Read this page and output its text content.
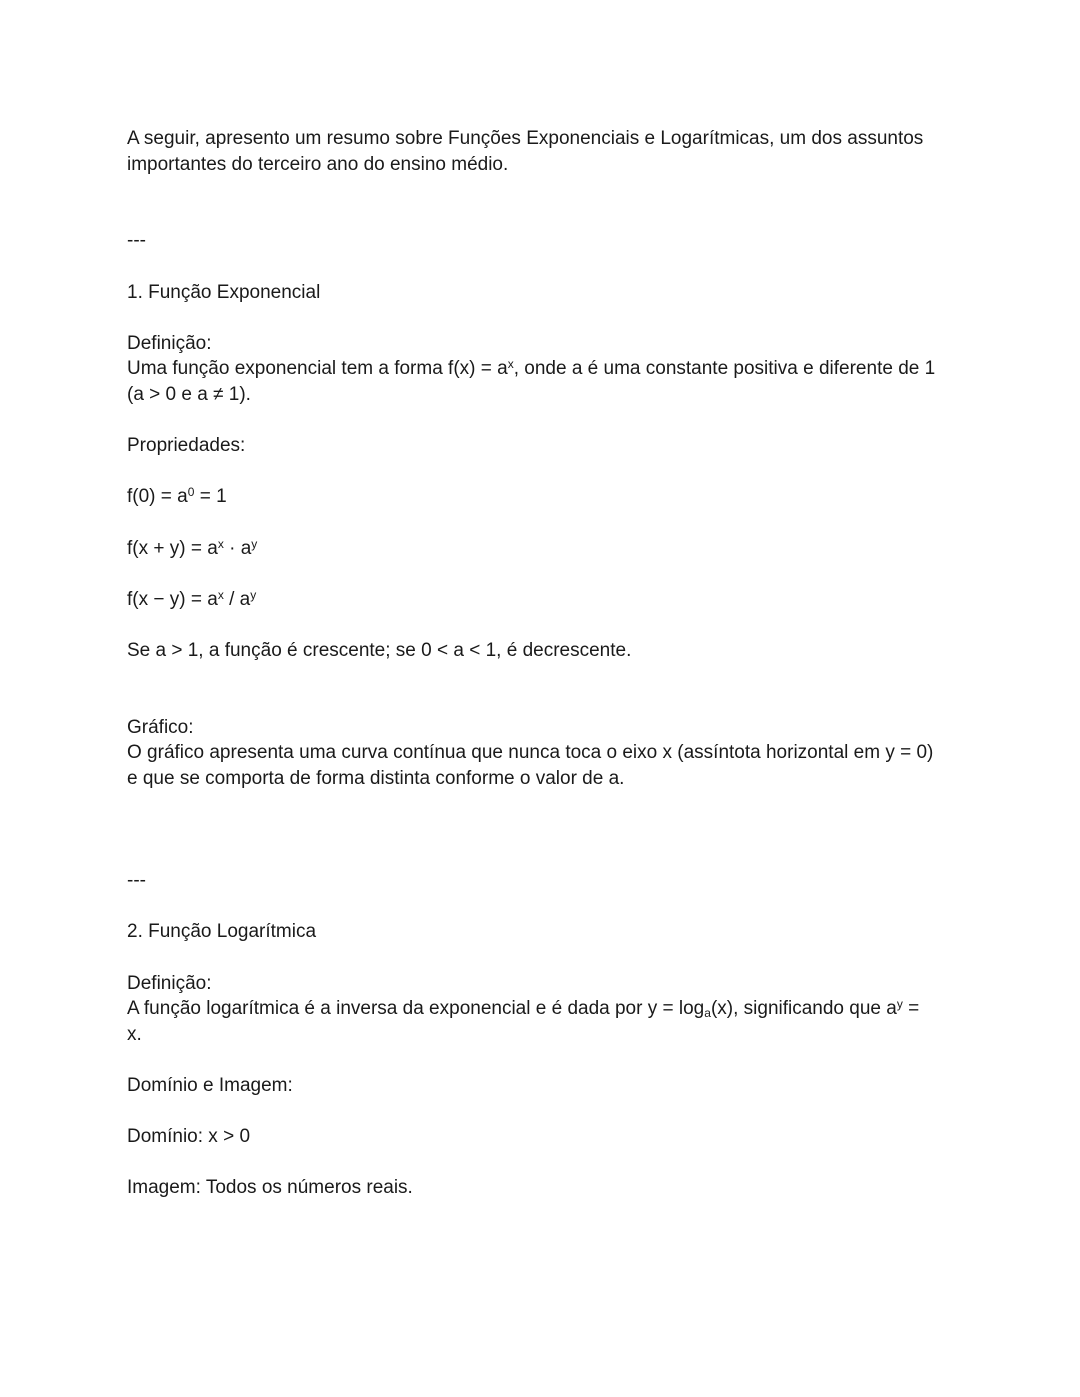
A seguir, apresento um resumo sobre Funções Exponenciais e Logarítmicas, um dos assuntos

importantes do terceiro ano do ensino médio.

---

1. Função Exponencial

Definição:

Uma função exponencial tem a forma $f(x) = a^x$, onde a é uma constante positiva e diferente de 1

(a > 0 e a ≠ 1).

Propriedades:

$f(0) = a^0 = 1$

$f(x + y) = a^x \cdot a^y$

$f(x - y) = a^x / a^y$

Se a > 1, a função é crescente; se 0 < a < 1, é decrescente.

Gráfico:

O gráfico apresenta uma curva contínua que nunca toca o eixo x (assíntota horizontal em y = 0)

e que se comporta de forma distinta conforme o valor de a.

---

2. Função Logarítmica

Definição:

A função logarítmica é a inversa da exponencial e é dada por $y = \log_a(x)$, significando que $a^y$ =

x.

Domínio e Imagem:

Domínio: x > 0

Imagem: Todos os números reais.
